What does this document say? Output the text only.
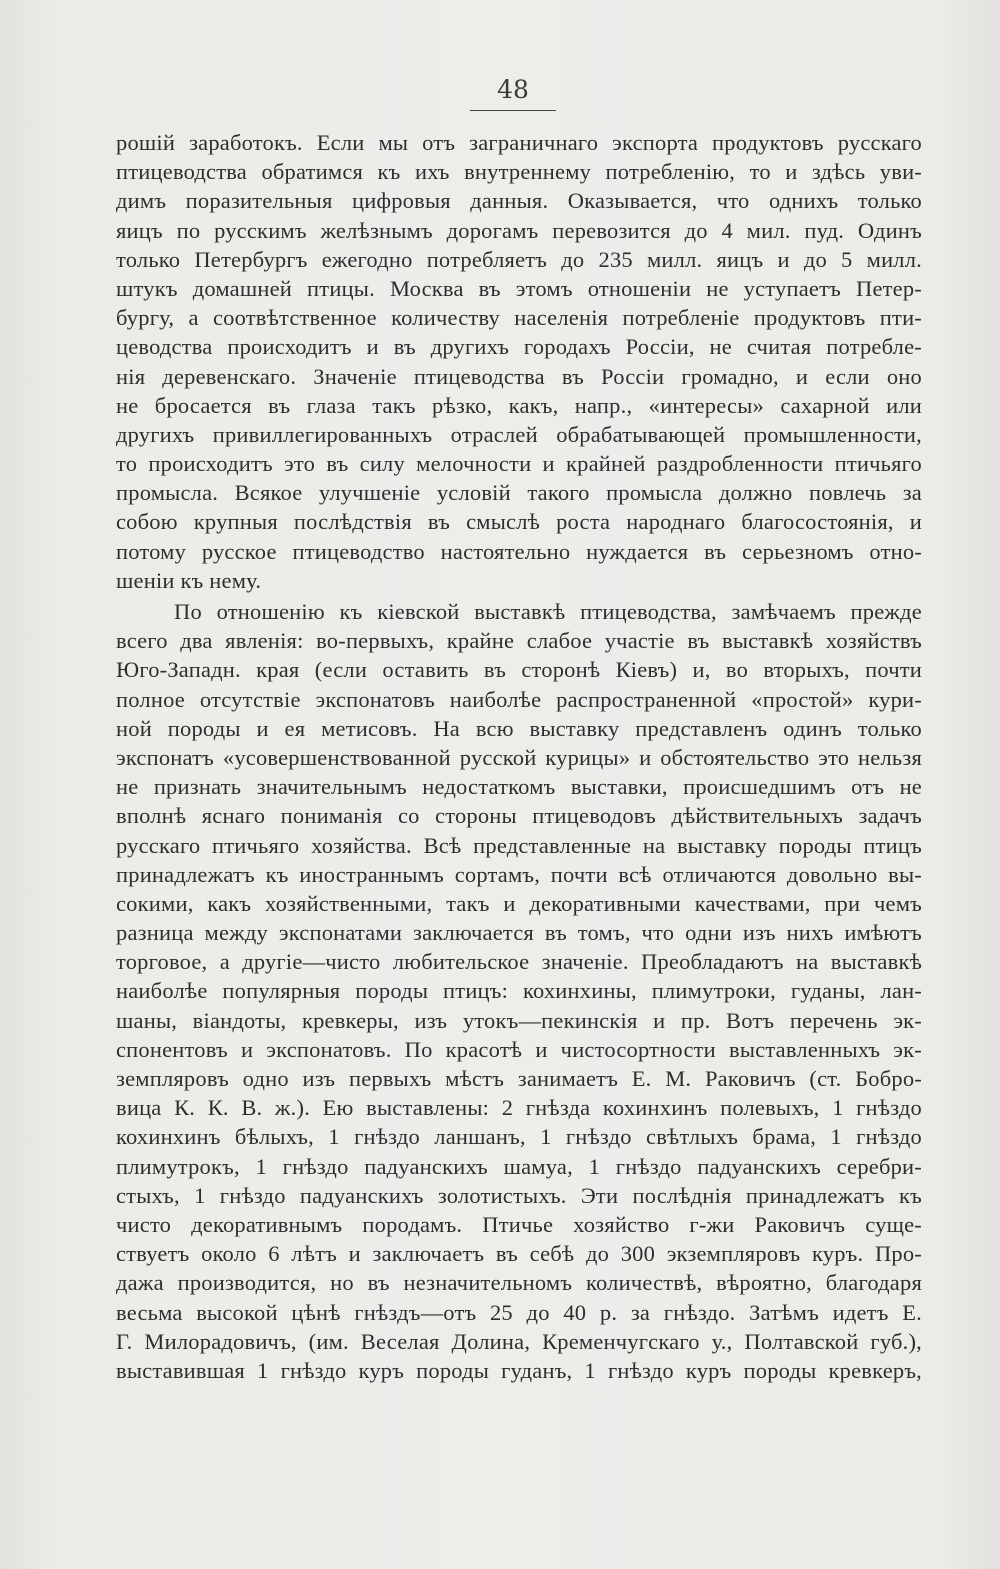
48
рошій заработокъ. Если мы отъ заграничнаго экспорта продуктовъ русскаго
птицеводства обратимся къ ихъ внутреннему потребленію, то и здѣсь уви-
димъ поразительныя цифровыя данныя. Оказывается, что однихъ только
яицъ по русскимъ желѣзнымъ дорогамъ перевозится до 4 мил. пуд. Одинъ
только Петербургъ ежегодно потребляетъ до 235 милл. яицъ и до 5 милл.
штукъ домашней птицы. Москва въ этомъ отношеніи не уступаетъ Петер-
бургу, а соотвѣтственное количеству населенія потребленіе продуктовъ пти-
цеводства происходитъ и въ другихъ городахъ Россіи, не считая потребле-
нія деревенскаго. Значеніе птицеводства въ Россіи громадно, и если оно
не бросается въ глаза такъ рѣзко, какъ, напр., «интересы» сахарной или
другихъ привиллегированныхъ отраслей обрабатывающей промышленности,
то происходитъ это въ силу мелочности и крайней раздробленности птичьяго
промысла. Всякое улучшеніе условій такого промысла должно повлечь за
собою крупныя послѣдствія въ смыслѣ роста народнаго благосостоянія, и
потому русское птицеводство настоятельно нуждается въ серьезномъ отно-
шеніи къ нему.
По отношенію къ кіевской выставкѣ птицеводства, замѣчаемъ прежде
всего два явленія: во-первыхъ, крайне слабое участіе въ выставкѣ хозяйствъ
Юго-Западн. края (если оставить въ сторонѣ Кіевъ) и, во вторыхъ, почти
полное отсутствіе экспонатовъ наиболѣе распространенной «простой» кури-
ной породы и ея метисовъ. На всю выставку представленъ одинъ только
экспонатъ «усовершенствованной русской курицы» и обстоятельство это нельзя
не признать значительнымъ недостаткомъ выставки, происшедшимъ отъ не
вполнѣ яснаго пониманія со стороны птицеводовъ дѣйствительныхъ задачъ
русскаго птичьяго хозяйства. Всѣ представленные на выставку породы птицъ
принадлежатъ къ иностраннымъ сортамъ, почти всѣ отличаются довольно вы-
сокими, какъ хозяйственными, такъ и декоративными качествами, при чемъ
разница между экспонатами заключается въ томъ, что одни изъ нихъ имѣютъ
торговое, а другіе—чисто любительское значеніе. Преобладаютъ на выставкѣ
наиболѣе популярныя породы птицъ: кохинхины, плимутроки, гуданы, лан-
шаны, віандоты, кревкеры, изъ утокъ—пекинскія и пр. Вотъ перечень эк-
спонентовъ и экспонатовъ. По красотѣ и чистосортности выставленныхъ эк-
земпляровъ одно изъ первыхъ мѣстъ занимаетъ Е. М. Раковичъ (ст. Бобро-
вица К. К. В. ж.). Ею выставлены: 2 гнѣзда кохинхинъ полевыхъ, 1 гнѣздо
кохинхинъ бѣлыхъ, 1 гнѣздо ланшанъ, 1 гнѣздо свѣтлыхъ брама, 1 гнѣздо
плимутрокъ, 1 гнѣздо падуанскихъ шамуа, 1 гнѣздо падуанскихъ серебри-
стыхъ, 1 гнѣздо падуанскихъ золотистыхъ. Эти послѣднія принадлежатъ къ
чисто декоративнымъ породамъ. Птичье хозяйство г-жи Раковичъ суще-
ствуетъ около 6 лѣтъ и заключаетъ въ себѣ до 300 экземпляровъ куръ. Про-
дажа производится, но въ незначительномъ количествѣ, вѣроятно, благодаря
весьма высокой цѣнѣ гнѣздъ—отъ 25 до 40 р. за гнѣздо. Затѣмъ идетъ Е.
Г. Милорадовичъ, (им. Веселая Долина, Кременчугскаго у., Полтавской губ.),
выставившая 1 гнѣздо куръ породы гуданъ, 1 гнѣздо куръ породы кревкеръ,
